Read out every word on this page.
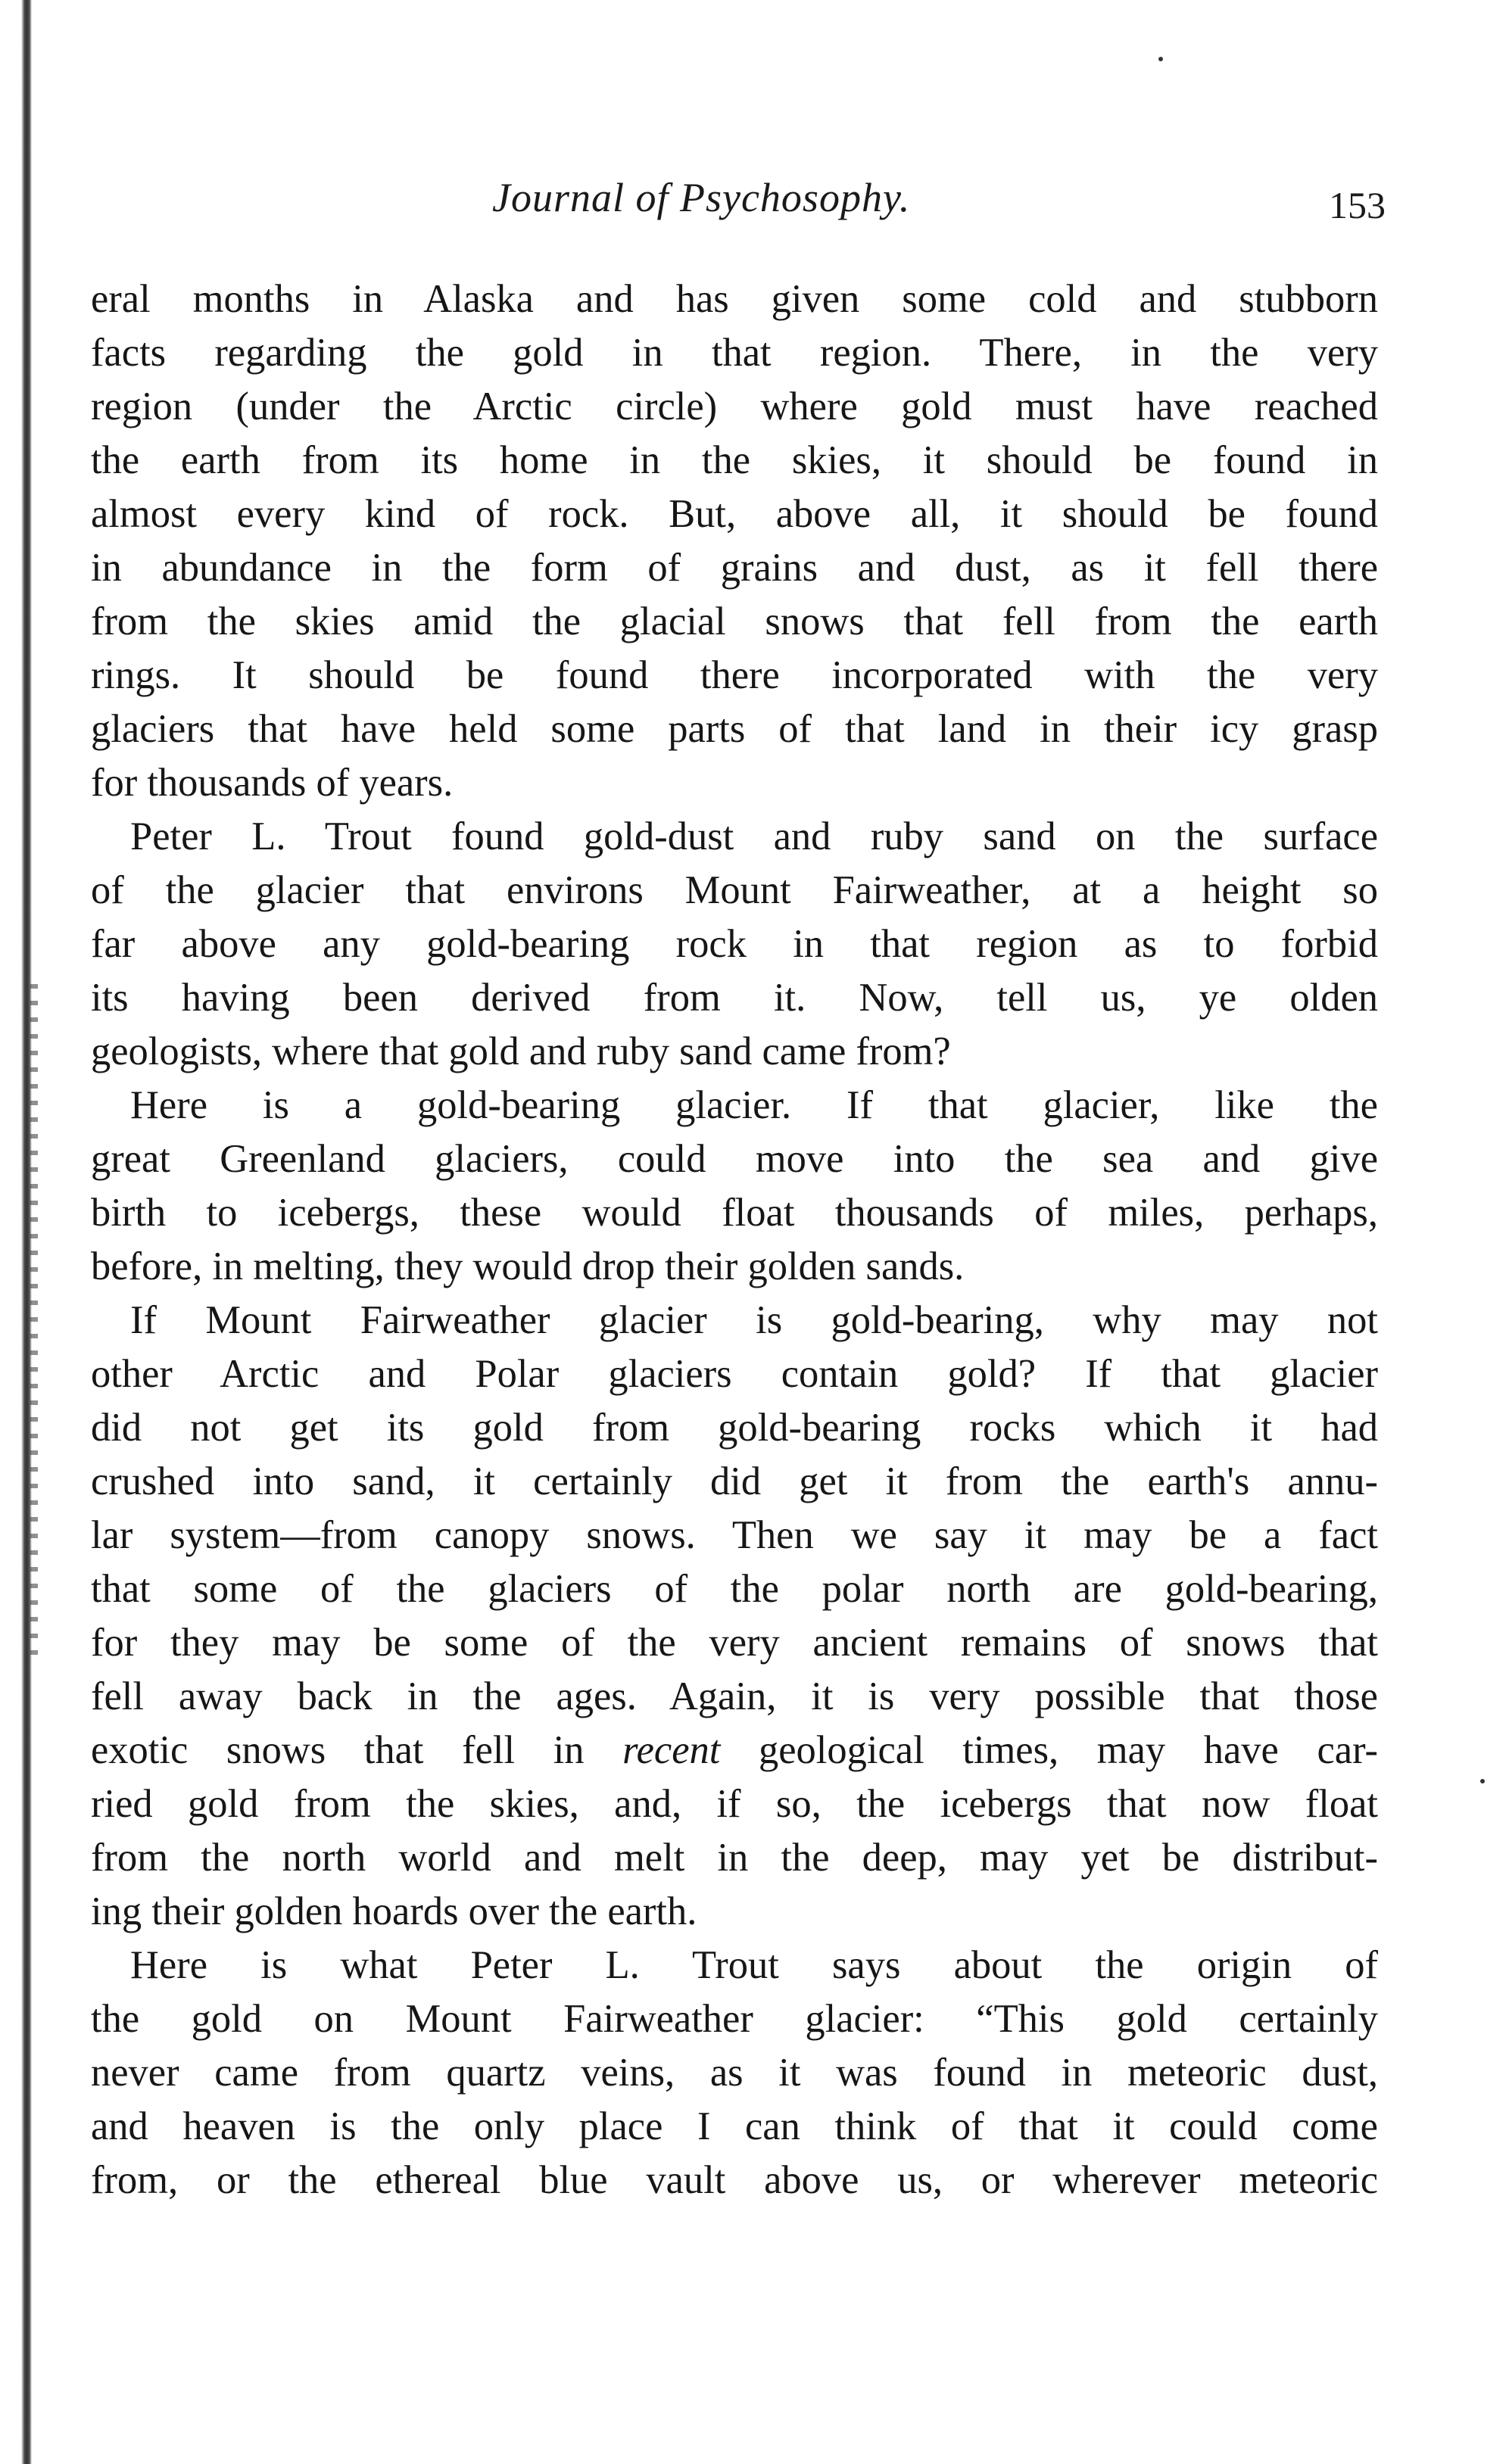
Journal of Psychosophy.	153
eral months in Alaska and has given some cold and stubborn
facts regarding the gold in that region. There, in the very
region (under the Arctic circle) where gold must have reached
the earth from its home in the skies, it should be found in
almost every kind of rock. But, above all, it should be found
in abundance in the form of grains and dust, as it fell there
from the skies amid the glacial snows that fell from the earth
rings. It should be found there incorporated with the very
glaciers that have held some parts of that land in their icy grasp
for thousands of years.
Peter L. Trout found gold-dust and ruby sand on the surface
of the glacier that environs Mount Fairweather, at a height so
far above any gold-bearing rock in that region as to forbid
its having been derived from it. Now, tell us, ye olden
geologists, where that gold and ruby sand came from?
Here is a gold-bearing glacier. If that glacier, like the
great Greenland glaciers, could move into the sea and give
birth to icebergs, these would float thousands of miles, perhaps,
before, in melting, they would drop their golden sands.
If Mount Fairweather glacier is gold-bearing, why may not
other Arctic and Polar glaciers contain gold? If that glacier
did not get its gold from gold-bearing rocks which it had
crushed into sand, it certainly did get it from the earth's annu-
lar system—from canopy snows. Then we say it may be a fact
that some of the glaciers of the polar north are gold-bearing,
for they may be some of the very ancient remains of snows that
fell away back in the ages. Again, it is very possible that those
exotic snows that fell in recent geological times, may have car-
ried gold from the skies, and, if so, the icebergs that now float
from the north world and melt in the deep, may yet be distribut-
ing their golden hoards over the earth.
Here is what Peter L. Trout says about the origin of
the gold on Mount Fairweather glacier: “This gold certainly
never came from quartz veins, as it was found in meteoric dust,
and heaven is the only place I can think of that it could come
from, or the ethereal blue vault above us, or wherever meteoric
